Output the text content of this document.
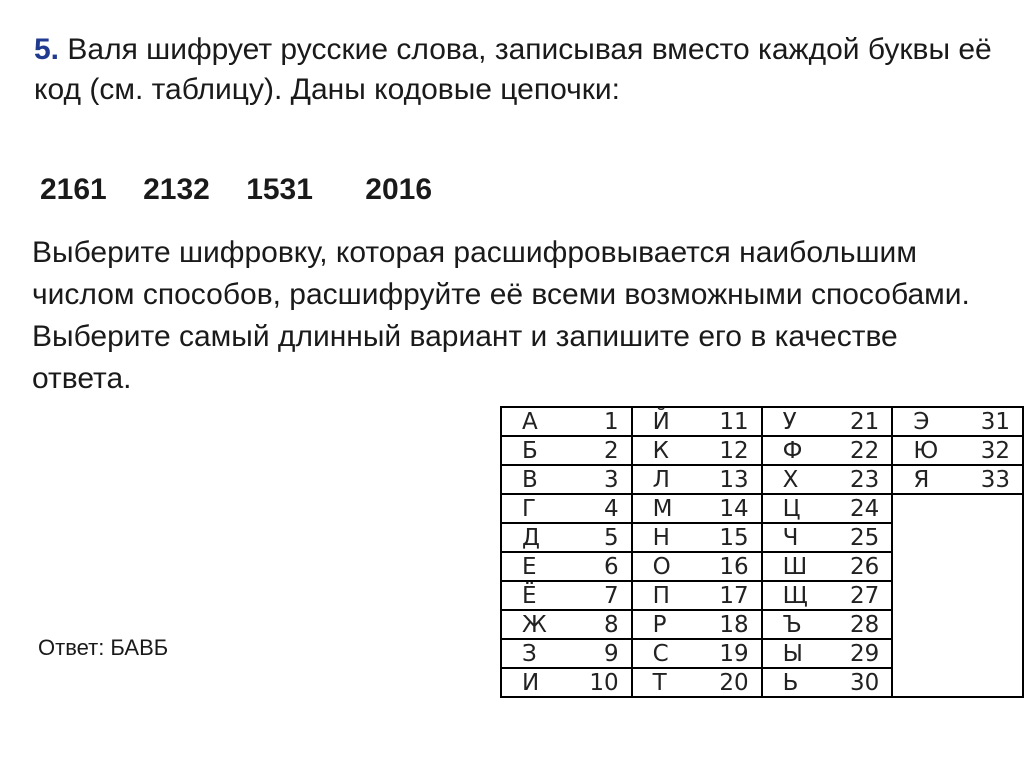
5. Валя шифрует русские слова, записывая вместо каждой буквы её код (см. таблицу). Даны кодовые цепочки:
2161 2132 1531 2016
Выберите шифровку, которая расшифровывается наибольшим числом способов, расшифруйте её всеми возможными способами. Выберите самый длинный вариант и запишите его в качестве ответа.
Ответ: БАВБ
А	1	Й	11	У	21	Э	31
Б	2	К	12	Ф	22	Ю	32
В	3	Л	13	Х	23	Я	33
Г	4	М	14	Ц	24		
Д	5	Н	15	Ч	25		
Е	6	О	16	Ш	26		
Ё	7	П	17	Щ	27		
Ж	8	Р	18	Ъ	28		
З	9	С	19	Ы	29		
И	10	Т	20	Ь	30		
